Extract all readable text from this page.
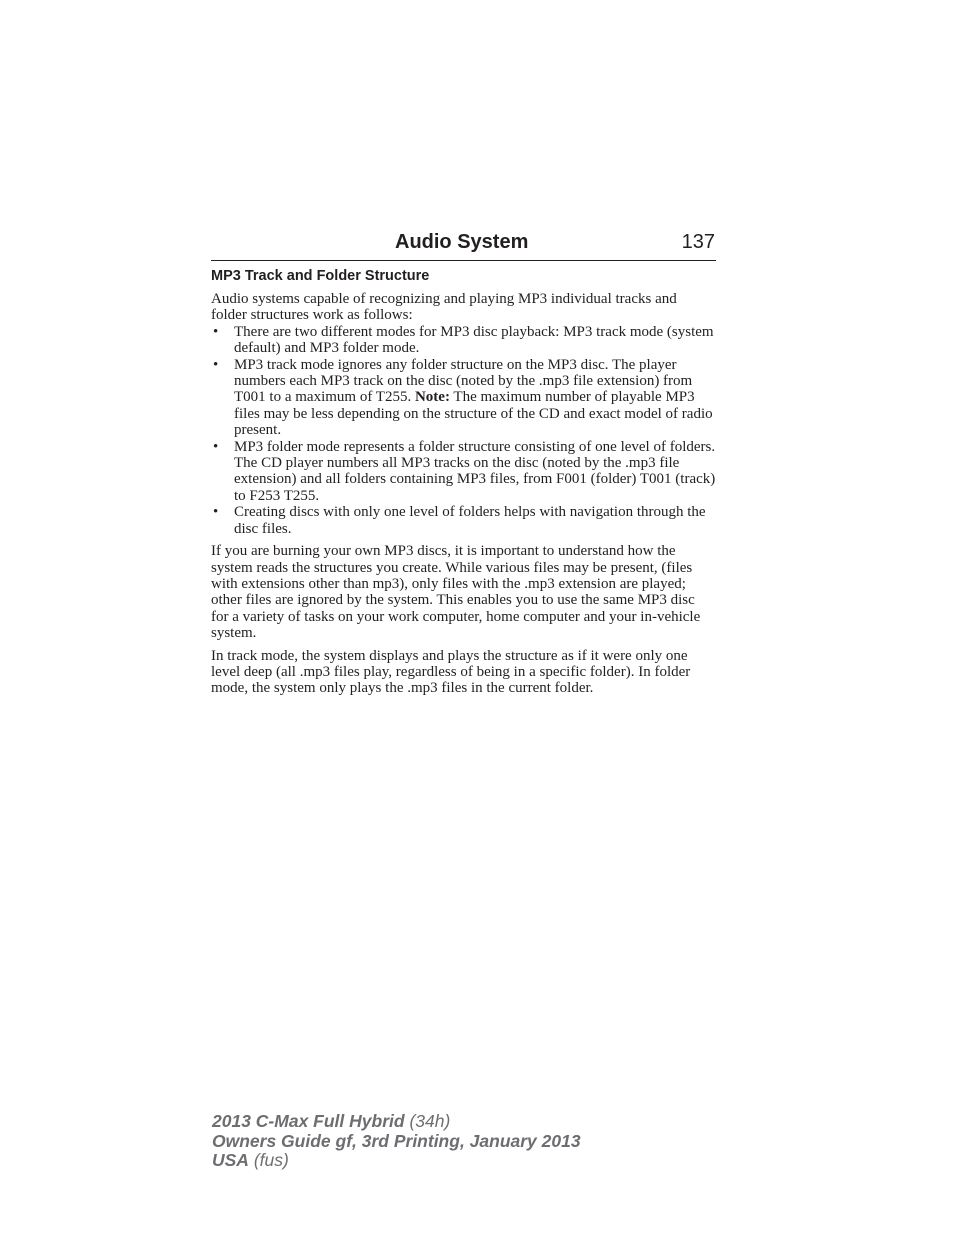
Audio System	137
MP3 Track and Folder Structure

Audio systems capable of recognizing and playing MP3 individual tracks and folder structures work as follows:

• There are two different modes for MP3 disc playback: MP3 track mode (system default) and MP3 folder mode.
• MP3 track mode ignores any folder structure on the MP3 disc. The player numbers each MP3 track on the disc (noted by the .mp3 file extension) from T001 to a maximum of T255. Note: The maximum number of playable MP3 files may be less depending on the structure of the CD and exact model of radio present.
• MP3 folder mode represents a folder structure consisting of one level of folders. The CD player numbers all MP3 tracks on the disc (noted by the .mp3 file extension) and all folders containing MP3 files, from F001 (folder) T001 (track) to F253 T255.
• Creating discs with only one level of folders helps with navigation through the disc files.

If you are burning your own MP3 discs, it is important to understand how the system reads the structures you create. While various files may be present, (files with extensions other than mp3), only files with the .mp3 extension are played; other files are ignored by the system. This enables you to use the same MP3 disc for a variety of tasks on your work computer, home computer and your in-vehicle system.

In track mode, the system displays and plays the structure as if it were only one level deep (all .mp3 files play, regardless of being in a specific folder). In folder mode, the system only plays the .mp3 files in the current folder.

2013 C-Max Full Hybrid (34h)
Owners Guide gf, 3rd Printing, January 2013
USA (fus)
